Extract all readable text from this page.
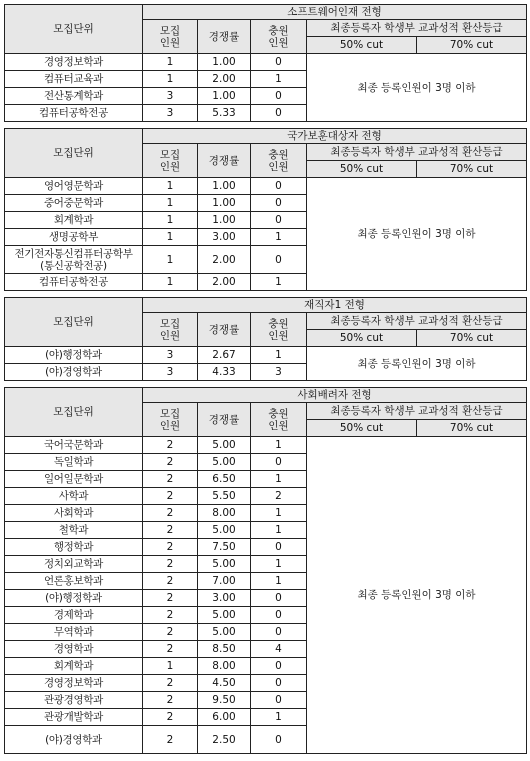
모집단위	소프트웨어인재 전형				
	모집
인원	경쟁률	충원
인원	최종등록자 학생부 교과성적 환산등급	
				50% cut	70% cut
경영정보학과	1	1.00	0	최종 등록인원이 3명 이하	
컴퓨터교육과	1	2.00	1		
전산통계학과	3	1.00	0		
컴퓨터공학전공	3	5.33	0		
모집단위	국가보훈대상자 전형				
	모집
인원	경쟁률	충원
인원	최종등록자 학생부 교과성적 환산등급	
				50% cut	70% cut
영어영문학과	1	1.00	0	최종 등록인원이 3명 이하	
중어중문학과	1	1.00	0		
회계학과	1	1.00	0		
생명공학부	1	3.00	1		
전기전자통신컴퓨터공학부
(통신공학전공)	1	2.00	0		
컴퓨터공학전공	1	2.00	1		
모집단위	재직자1 전형				
	모집
인원	경쟁률	충원
인원	최종등록자 학생부 교과성적 환산등급	
				50% cut	70% cut
(야)행정학과	3	2.67	1	최종 등록인원이 3명 이하	
(야)경영학과	3	4.33	3		
모집단위	사회배려자 전형				
	모집
인원	경쟁률	충원
인원	최종등록자 학생부 교과성적 환산등급	
				50% cut	70% cut
국어국문학과	2	5.00	1	최종 등록인원이 3명 이하	
독일학과	2	5.00	0		
일어일문학과	2	6.50	1		
사학과	2	5.50	2		
사회학과	2	8.00	1		
철학과	2	5.00	1		
행정학과	2	7.50	0		
정치외교학과	2	5.00	1		
언론홍보학과	2	7.00	1		
(야)행정학과	2	3.00	0		
경제학과	2	5.00	0		
무역학과	2	5.00	0		
경영학과	2	8.50	4		
회계학과	1	8.00	0		
경영정보학과	2	4.50	0		
관광경영학과	2	9.50	0		
관광개발학과	2	6.00	1		
(야)경영학과	2	2.50	0		
